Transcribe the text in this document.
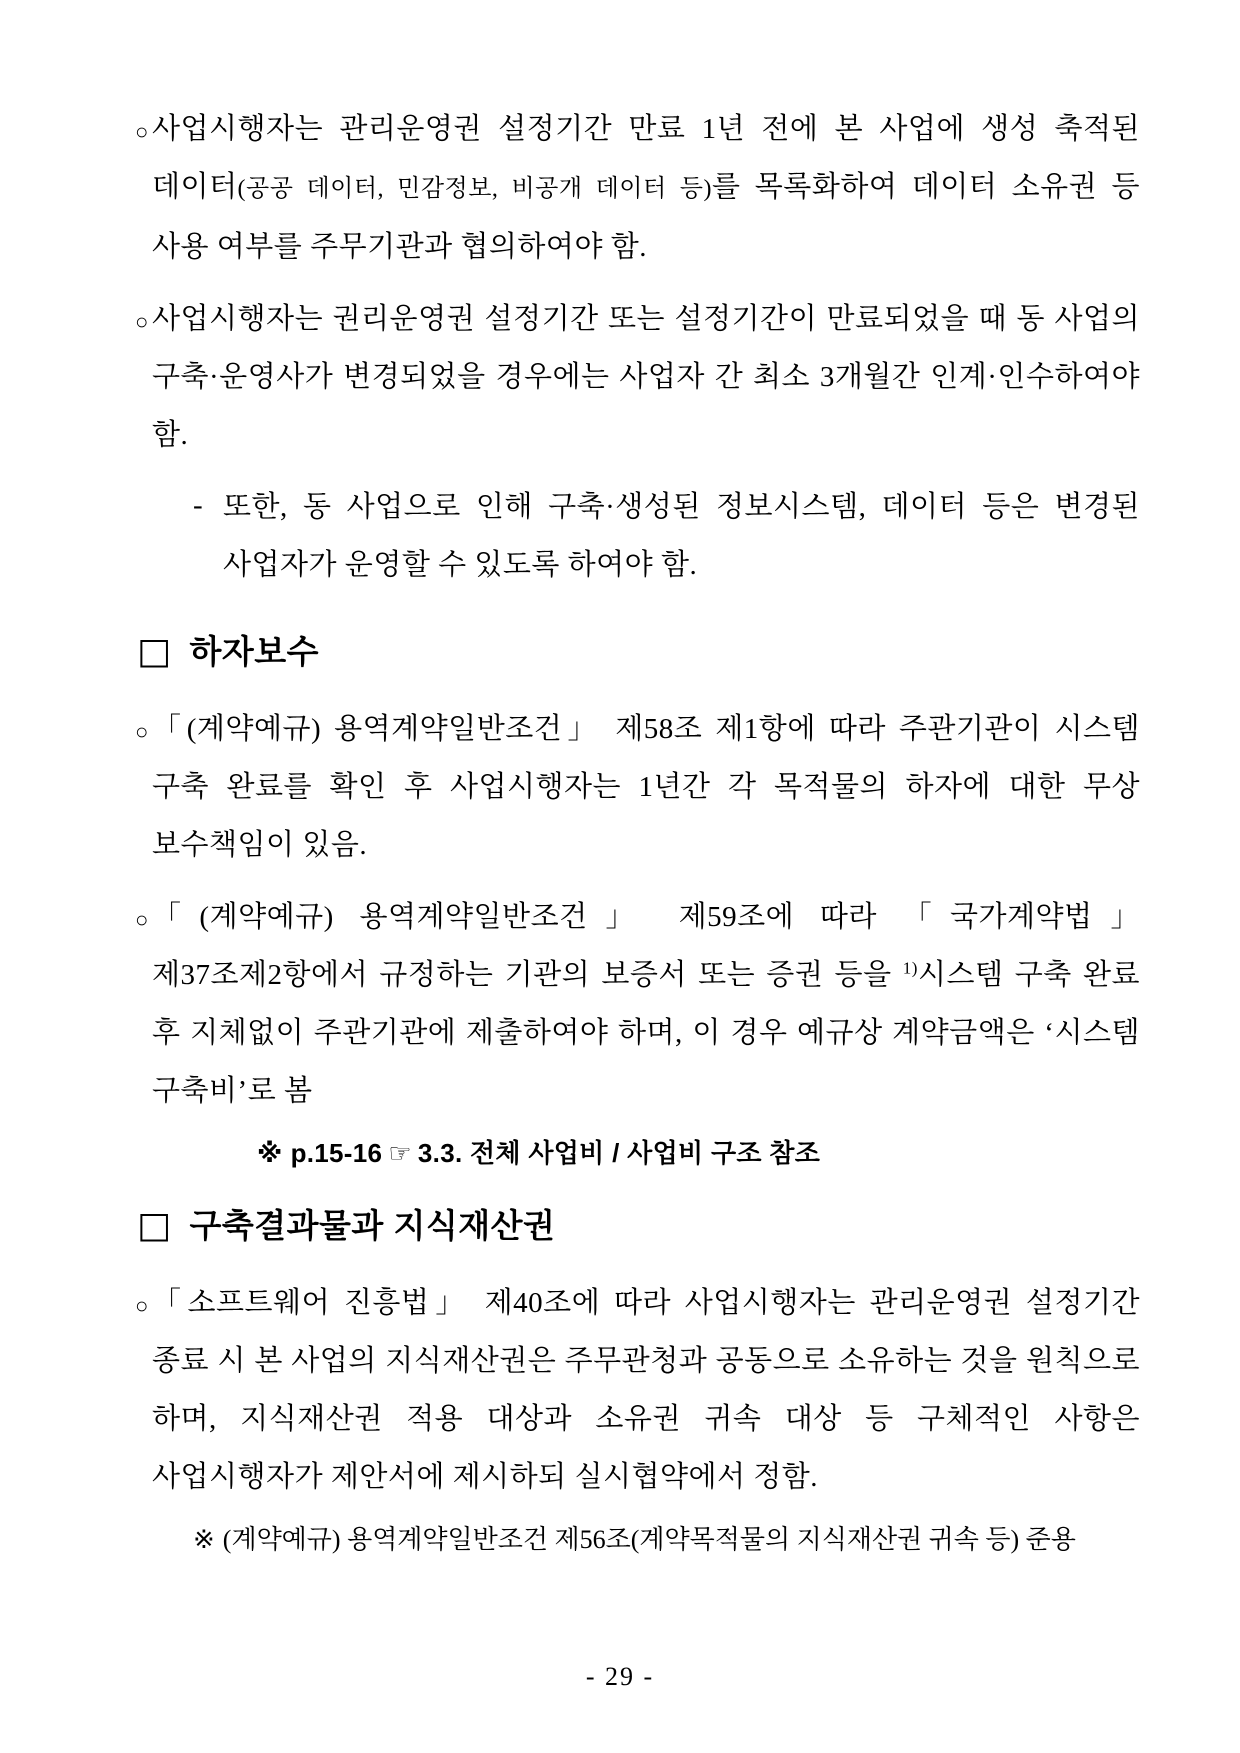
○ 사업시행자는 관리운영권 설정기간 만료 1년 전에 본 사업에 생성 축적된 데이터(공공 데이터, 민감정보, 비공개 데이터 등)를 목록화하여 데이터 소유권 등 사용 여부를 주무기관과 협의하여야 함.
○ 사업시행자는 권리운영권 설정기간 또는 설정기간이 만료되었을 때 동 사업의 구축·운영사가 변경되었을 경우에는 사업자 간 최소 3개월간 인계·인수하여야 함.
- 또한, 동 사업으로 인해 구축·생성된 정보시스템, 데이터 등은 변경된 사업자가 운영할 수 있도록 하여야 함.
□ 하자보수
○ 「(계약예규) 용역계약일반조건」 제58조 제1항에 따라 주관기관이 시스템 구축 완료를 확인 후 사업시행자는 1년간 각 목적물의 하자에 대한 무상 보수책임이 있음.
○ 「(계약예규) 용역계약일반조건」 제59조에 따라 「국가계약법」 제37조제2항에서 규정하는 기관의 보증서 또는 증권 등을 $^{1)}$시스템 구축 완료 후 지체없이 주관기관에 제출하여야 하며, 이 경우 예규상 계약금액은 ‘시스템 구축비’로 봄
※ p.15-16 ☞ 3.3. 전체 사업비 / 사업비 구조 참조
□ 구축결과물과 지식재산권
○ 「소프트웨어 진흥법」 제40조에 따라 사업시행자는 관리운영권 설정기간 종료 시 본 사업의 지식재산권은 주무관청과 공동으로 소유하는 것을 원칙으로 하며, 지식재산권 적용 대상과 소유권 귀속 대상 등 구체적인 사항은 사업시행자가 제안서에 제시하되 실시협약에서 정함.
※ (계약예규) 용역계약일반조건 제56조(계약목적물의 지식재산권 귀속 등) 준용
- 29 -
